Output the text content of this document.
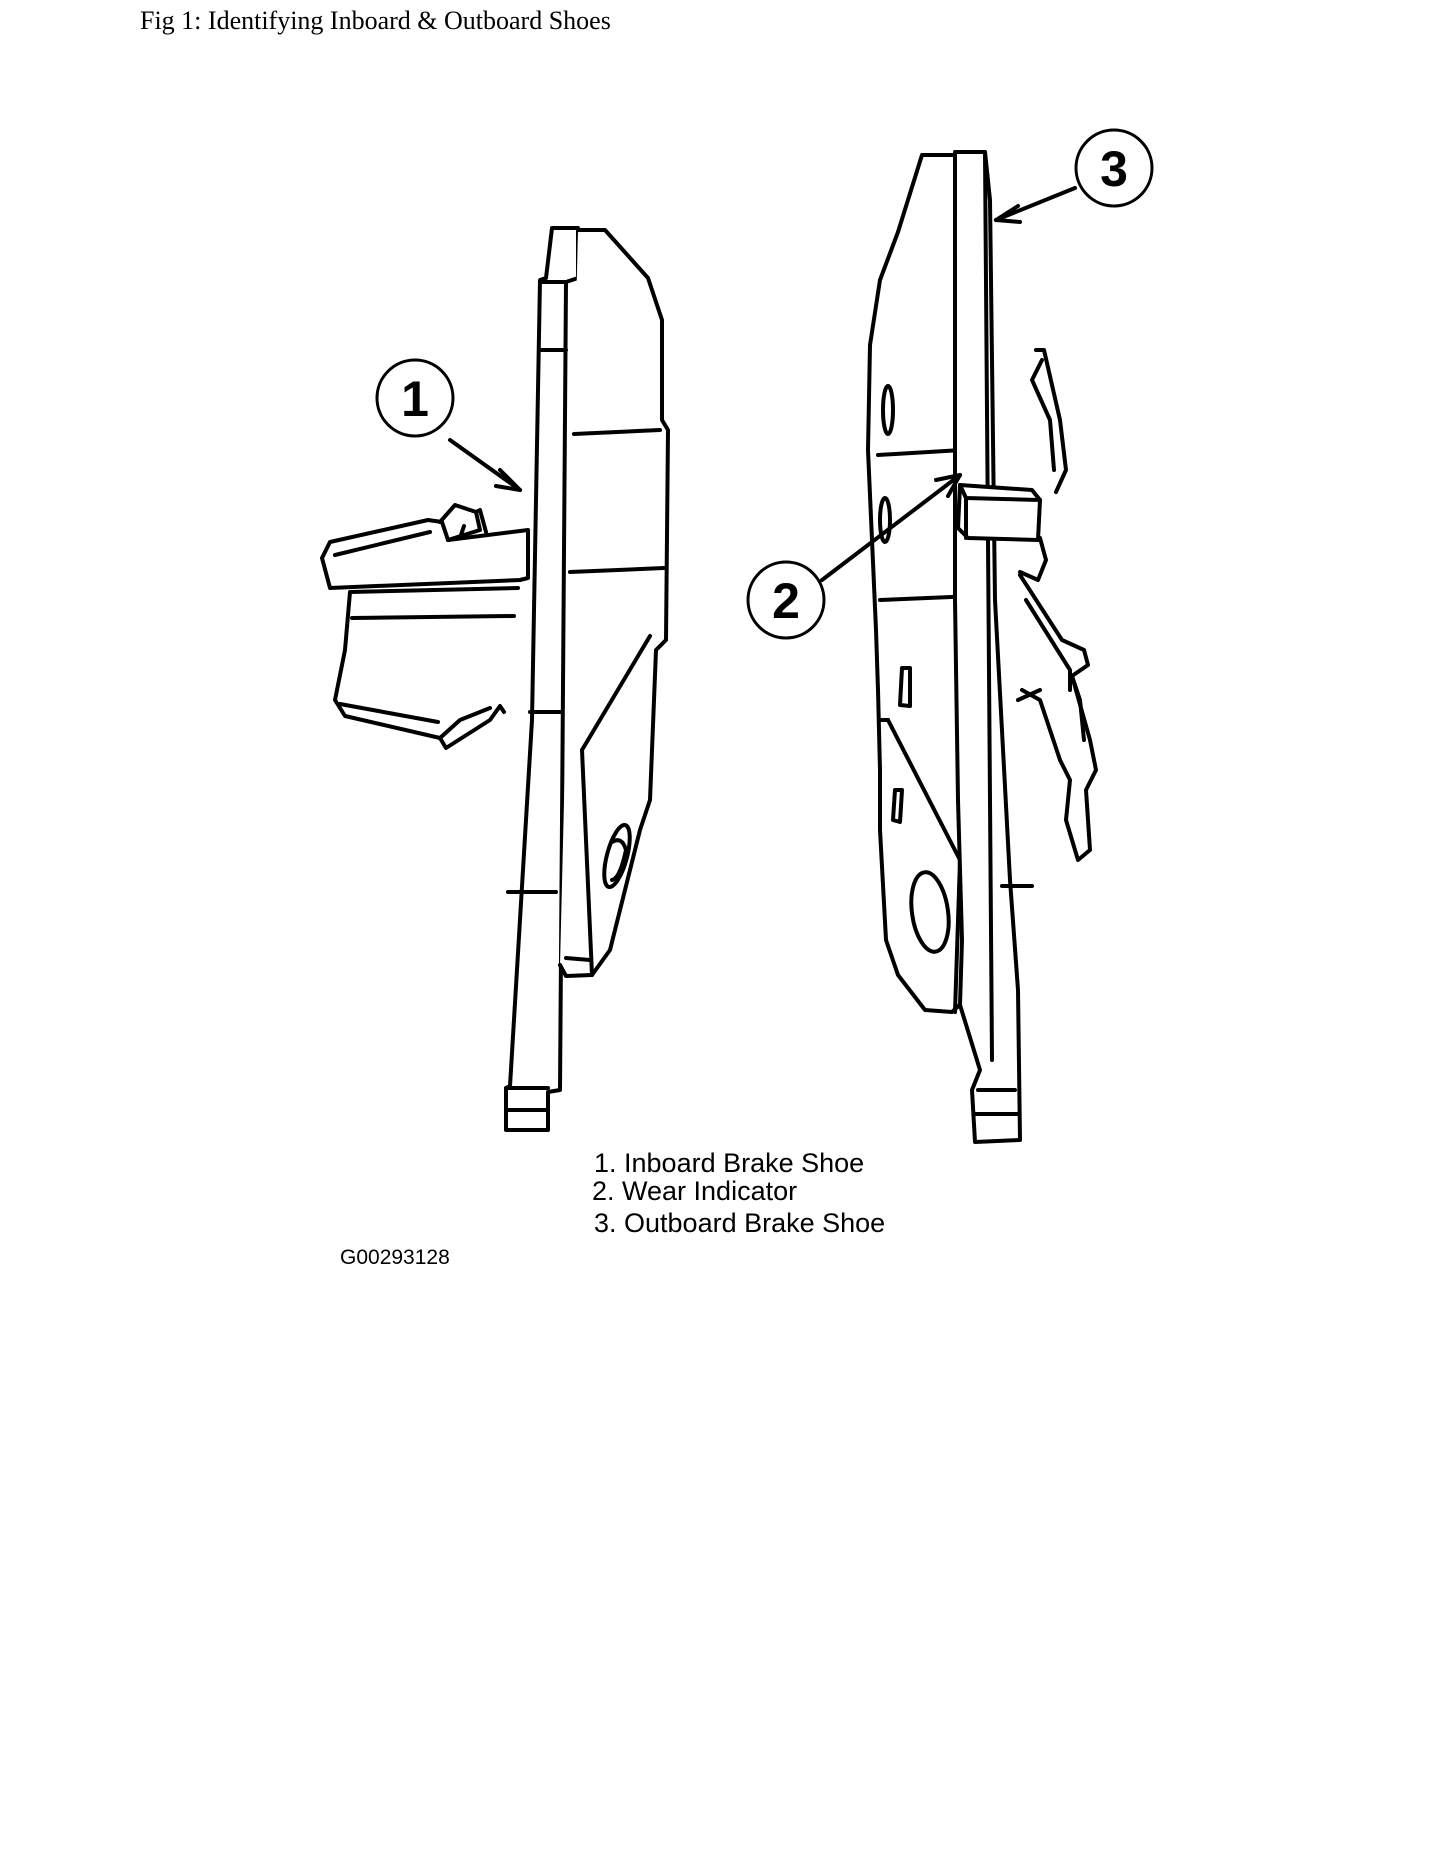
Fig 1: Identifying Inboard & Outboard Shoes
1
2
3
1. Inboard Brake Shoe
2. Wear Indicator
3. Outboard Brake Shoe
G00293128
